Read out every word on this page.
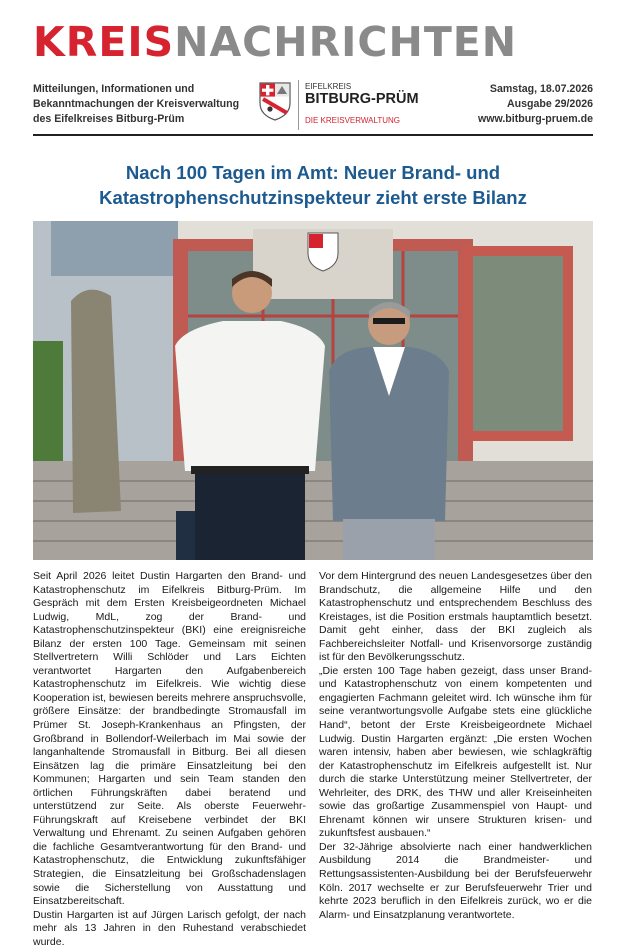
KREISNACHRICHTEN
Mitteilungen, Informationen und
Bekanntmachungen der Kreisverwaltung
des Eifelkreises Bitburg-Prüm
EIFELKREIS
BITBURG-PRÜM
DIE KREISVERWALTUNG
Samstag, 18.07.2026
Ausgabe 29/2026
www.bitburg-pruem.de
Nach 100 Tagen im Amt: Neuer Brand- und
Katastrophenschutzinspekteur zieht erste Bilanz

Seit April 2026 leitet Dustin Hargarten den Brand- und Katastrophenschutz im Eifelkreis Bitburg-Prüm. Im Gespräch mit dem Ersten Kreisbeigeordneten Michael Ludwig, MdL, zog der Brand- und Katastrophenschutzinspekteur (BKI) eine ereignisreiche Bilanz der ersten 100 Tage. Gemeinsam mit seinen Stellvertretern Willi Schlöder und Lars Eichten verantwortet Hargarten den Aufgabenbereich Katastrophenschutz im Eifelkreis. Wie wichtig diese Kooperation ist, bewiesen bereits mehrere anspruchsvolle, größere Einsätze: der brandbedingte Stromausfall im Prümer St. Joseph-Krankenhaus an Pfingsten, der Großbrand in Bollendorf-Weilerbach im Mai sowie der langanhaltende Stromausfall in Bitburg. Bei all diesen Einsätzen lag die primäre Einsatzleitung bei den Kommunen; Hargarten und sein Team standen den örtlichen Führungskräften dabei beratend und unterstützend zur Seite. Als oberste Feuerwehr-Führungskraft auf Kreisebene verbindet der BKI Verwaltung und Ehrenamt. Zu seinen Aufgaben gehören die fachliche Gesamtverantwortung für den Brand- und Katastrophenschutz, die Entwicklung zukunftsfähiger Strategien, die Einsatzleitung bei Großschadenslagen sowie die Sicherstellung von Ausstattung und Einsatzbereitschaft.

Dustin Hargarten ist auf Jürgen Larisch gefolgt, der nach mehr als 13 Jahren in den Ruhestand verabschiedet wurde.

Vor dem Hintergrund des neuen Landesgesetzes über den Brandschutz, die allgemeine Hilfe und den Katastrophenschutz und entsprechendem Beschluss des Kreistages, ist die Position erstmals hauptamtlich besetzt. Damit geht einher, dass der BKI zugleich als Fachbereichsleiter Notfall- und Krisenvorsorge zuständig ist für den Bevölkerungsschutz.

„Die ersten 100 Tage haben gezeigt, dass unser Brand- und Katastrophenschutz von einem kompetenten und engagierten Fachmann geleitet wird. Ich wünsche ihm für seine verantwortungsvolle Aufgabe stets eine glückliche Hand“, betont der Erste Kreisbeigeordnete Michael Ludwig. Dustin Hargarten ergänzt: „Die ersten Wochen waren intensiv, haben aber bewiesen, wie schlagkräftig der Katastrophenschutz im Eifelkreis aufgestellt ist. Nur durch die starke Unterstützung meiner Stellvertreter, der Wehrleiter, des DRK, des THW und aller Kreiseinheiten sowie das großartige Zusammenspiel von Haupt- und Ehrenamt können wir unsere Strukturen krisen- und zukunftsfest ausbauen.“

Der 32-Jährige absolvierte nach einer handwerklichen Ausbildung 2014 die Brandmeister- und Rettungsassistenten-Ausbildung bei der Berufsfeuerwehr Köln. 2017 wechselte er zur Berufsfeuerwehr Trier und kehrte 2023 beruflich in den Eifelkreis zurück, wo er die Alarm- und Einsatzplanung verantwortete.
